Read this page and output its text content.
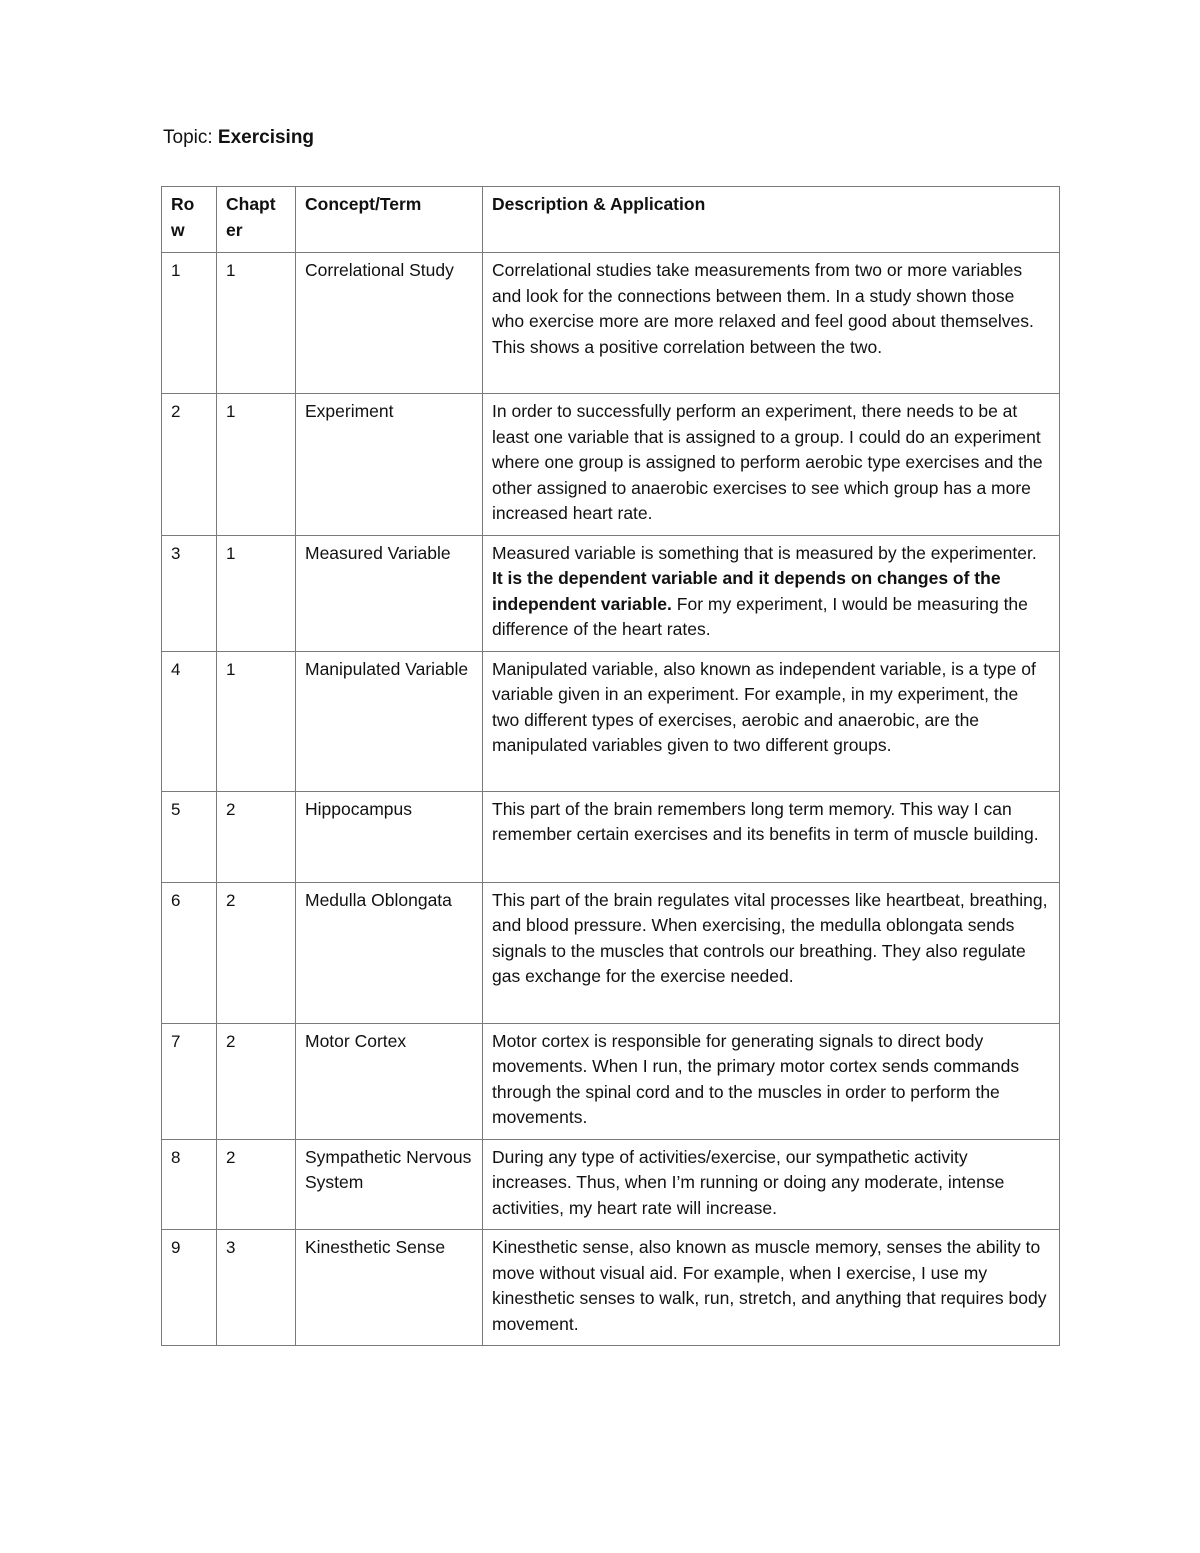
Topic: Exercising
Ro w	Chapt er	Concept/Term	Description & Application
1	1	Correlational Study	Correlational studies take measurements from two or more variables and look for the connections between them. In a study shown those who exercise more are more relaxed and feel good about themselves. This shows a positive correlation between the two.
2	1	Experiment	In order to successfully perform an experiment, there needs to be at least one variable that is assigned to a group. I could do an experiment where one group is assigned to perform aerobic type exercises and the other assigned to anaerobic exercises to see which group has a more increased heart rate.
3	1	Measured Variable	Measured variable is something that is measured by the experimenter. It is the dependent variable and it depends on changes of the independent variable. For my experiment, I would be measuring the difference of the heart rates.
4	1	Manipulated Variable	Manipulated variable, also known as independent variable, is a type of variable given in an experiment. For example, in my experiment, the two different types of exercises, aerobic and anaerobic, are the manipulated variables given to two different groups.
5	2	Hippocampus	This part of the brain remembers long term memory. This way I can remember certain exercises and its benefits in term of muscle building.
6	2	Medulla Oblongata	This part of the brain regulates vital processes like heartbeat, breathing, and blood pressure. When exercising, the medulla oblongata sends signals to the muscles that controls our breathing. They also regulate gas exchange for the exercise needed.
7	2	Motor Cortex	Motor cortex is responsible for generating signals to direct body movements. When I run, the primary motor cortex sends commands through the spinal cord and to the muscles in order to perform the movements.
8	2	Sympathetic Nervous System	During any type of activities/exercise, our sympathetic activity increases. Thus, when I’m running or doing any moderate, intense activities, my heart rate will increase.
9	3	Kinesthetic Sense	Kinesthetic sense, also known as muscle memory, senses the ability to move without visual aid. For example, when I exercise, I use my kinesthetic senses to walk, run, stretch, and anything that requires body movement.
